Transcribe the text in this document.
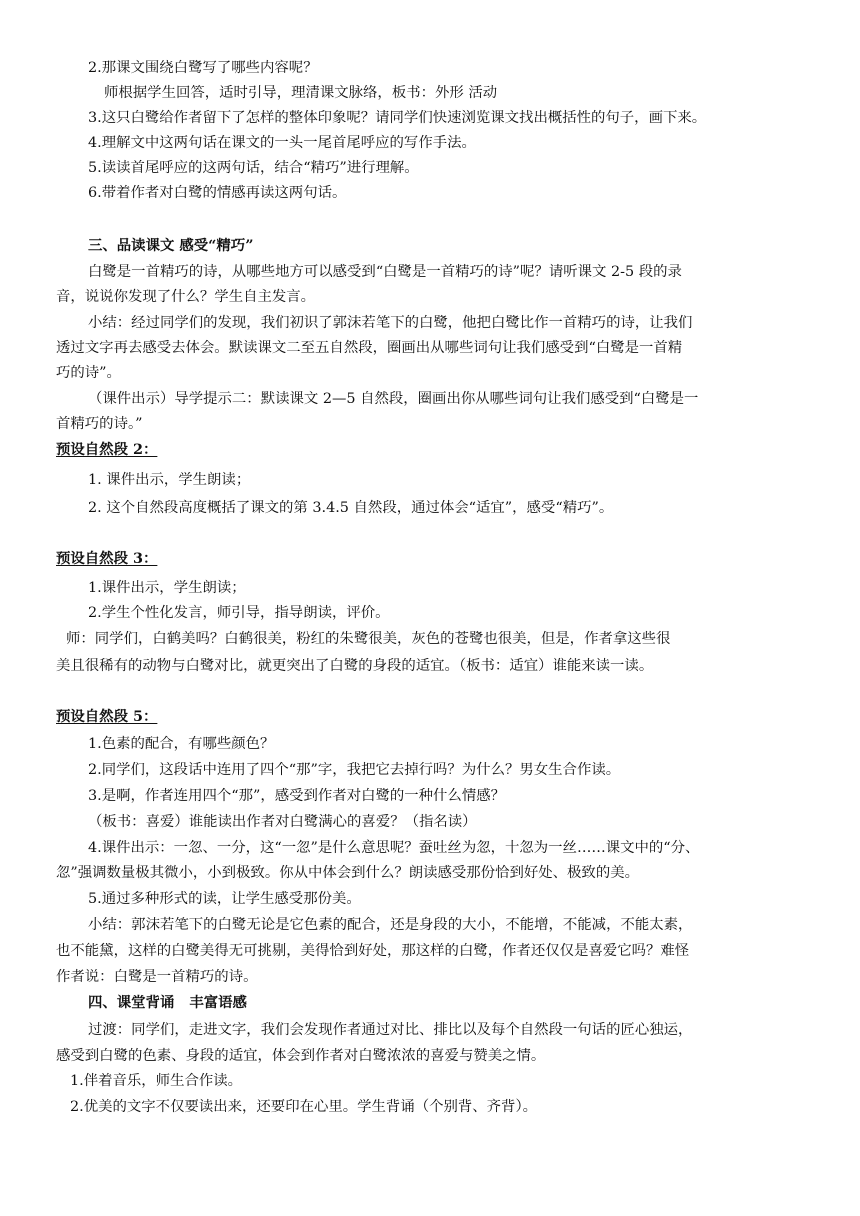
2.那课文围绕白鹭写了哪些内容呢？
师根据学生回答，适时引导，理清课文脉络，板书：外形 活动
3.这只白鹭给作者留下了怎样的整体印象呢？请同学们快速浏览课文找出概括性的句子，画下来。
4.理解文中这两句话在课文的一头一尾首尾呼应的写作手法。
5.读读首尾呼应的这两句话，结合“精巧”进行理解。
6.带着作者对白鹭的情感再读这两句话。
三、品读课文 感受“精巧”
白鹭是一首精巧的诗，从哪些地方可以感受到“白鹭是一首精巧的诗”呢？请听课文 2-5 段的录
音，说说你发现了什么？学生自主发言。
小结：经过同学们的发现，我们初识了郭沫若笔下的白鹭，他把白鹭比作一首精巧的诗，让我们
透过文字再去感受去体会。默读课文二至五自然段，圈画出从哪些词句让我们感受到“白鹭是一首精
巧的诗”。
（课件出示）导学提示二：默读课文 2—5 自然段，圈画出你从哪些词句让我们感受到“白鹭是一
首精巧的诗。”
预设自然段 2：
1. 课件出示，学生朗读；
2. 这个自然段高度概括了课文的第 3.4.5 自然段，通过体会“适宜”，感受“精巧”。
预设自然段 3：
1.课件出示，学生朗读；
2.学生个性化发言，师引导，指导朗读，评价。
师：同学们，白鹤美吗？白鹤很美，粉红的朱鹭很美，灰色的苍鹭也很美，但是，作者拿这些很
美且很稀有的动物与白鹭对比，就更突出了白鹭的身段的适宜。（板书：适宜）谁能来读一读。
预设自然段 5：
1.色素的配合，有哪些颜色？
2.同学们，这段话中连用了四个“那”字，我把它去掉行吗？为什么？男女生合作读。
3.是啊，作者连用四个“那”，感受到作者对白鹭的一种什么情感？
（板书：喜爱）谁能读出作者对白鹭满心的喜爱？（指名读）
4.课件出示：一忽、一分，这“一忽”是什么意思呢？蚕吐丝为忽，十忽为一丝……课文中的“分、
忽”强调数量极其微小，小到极致。你从中体会到什么？朗读感受那份恰到好处、极致的美。
5.通过多种形式的读，让学生感受那份美。
小结：郭沫若笔下的白鹭无论是它色素的配合，还是身段的大小，不能增，不能减，不能太素，
也不能黛，这样的白鹭美得无可挑剔，美得恰到好处，那这样的白鹭，作者还仅仅是喜爱它吗？难怪
作者说：白鹭是一首精巧的诗。
四、课堂背诵   丰富语感
过渡：同学们，走进文字，我们会发现作者通过对比、排比以及每个自然段一句话的匠心独运，
感受到白鹭的色素、身段的适宜，体会到作者对白鹭浓浓的喜爱与赞美之情。
1.伴着音乐，师生合作读。
2.优美的文字不仅要读出来，还要印在心里。学生背诵（个别背、齐背）。
